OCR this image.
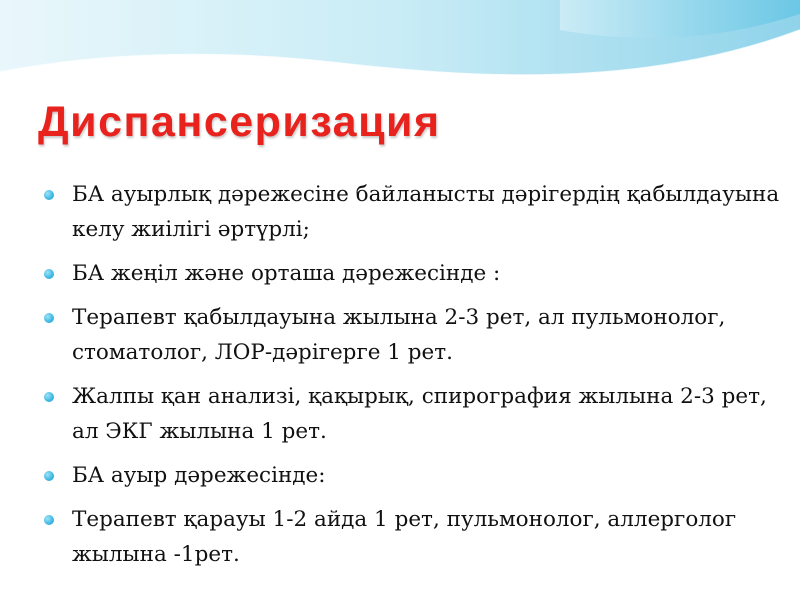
Диспансеризация
БА ауырлық дәрежесіне байланысты дәрігердің қабылдауына келу жиілігі әртүрлі;
БА жеңіл және орташа дәрежесінде :
Терапевт қабылдауына жылына 2-3 рет, ал пульмонолог, стоматолог, ЛОР-дәрігерге 1 рет.
Жалпы қан анализі, қақырық, спирография жылына 2-3 рет, ал ЭКГ жылына 1 рет.
БА ауыр дәрежесінде:
Терапевт қарауы 1-2 айда 1 рет, пульмонолог, аллерголог жылына -1рет.
